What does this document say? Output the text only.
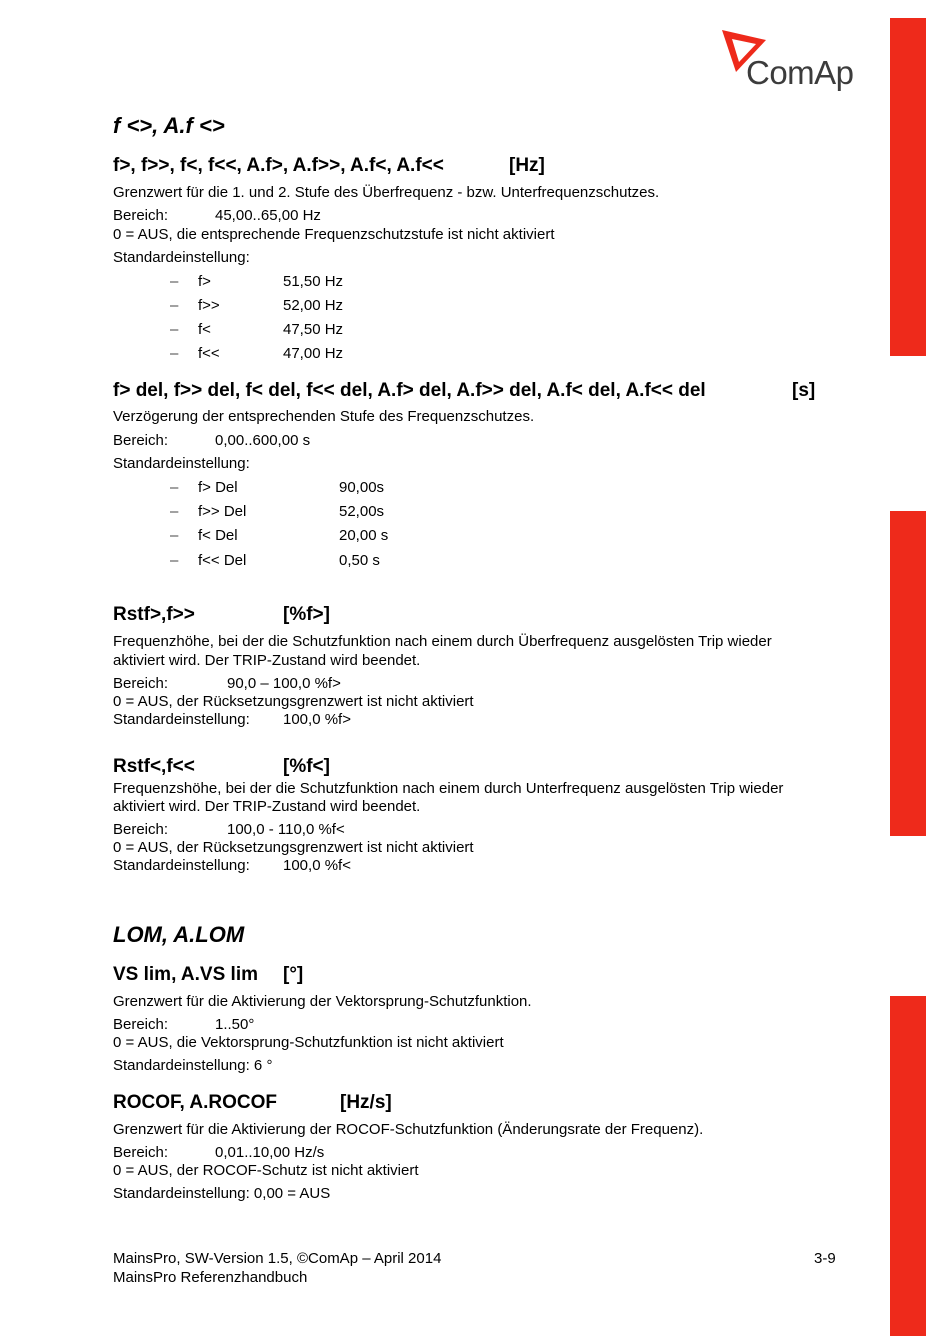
ComAp
f <>, A.f <>
f>, f>>, f<, f<<, A.f>, A.f>>, A.f<, A.f<<	[Hz]
Grenzwert für die 1. und 2. Stufe des Überfrequenz - bzw. Unterfrequenzschutzes.
Bereich:	45,00..65,00 Hz
0 = AUS, die entsprechende Frequenzschutzstufe ist nicht aktiviert
Standardeinstellung:
– f>	51,50 Hz
– f>>	52,00 Hz
– f<	47,50 Hz
– f<<	47,00 Hz
f> del, f>> del, f< del, f<< del, A.f> del, A.f>> del, A.f< del, A.f<< del	[s]
Verzögerung der entsprechenden Stufe des Frequenzschutzes.
Bereich:	0,00..600,00 s
Standardeinstellung:
– f> Del	90,00s
– f>> Del	52,00s
– f< Del	20,00 s
– f<< Del	0,50 s
Rstf>,f>>	[%f>]
Frequenzhöhe, bei der die Schutzfunktion nach einem durch Überfrequenz ausgelösten Trip wieder
aktiviert wird. Der TRIP-Zustand wird beendet.
Bereich:	90,0 – 100,0 %f>
0 = AUS, der Rücksetzungsgrenzwert ist nicht aktiviert
Standardeinstellung: 100,0 %f>
Rstf<,f<<	[%f<]
Frequenzshöhe, bei der die Schutzfunktion nach einem durch Unterfrequenz ausgelösten Trip wieder
aktiviert wird. Der TRIP-Zustand wird beendet.
Bereich:	100,0 - 110,0 %f<
0 = AUS, der Rücksetzungsgrenzwert ist nicht aktiviert
Standardeinstellung: 100,0 %f<
LOM, A.LOM
VS lim, A.VS lim [°]
Grenzwert für die Aktivierung der Vektorsprung-Schutzfunktion.
Bereich:	1..50°
0 = AUS, die Vektorsprung-Schutzfunktion ist nicht aktiviert
Standardeinstellung: 6 °
ROCOF, A.ROCOF	[Hz/s]
Grenzwert für die Aktivierung der ROCOF-Schutzfunktion (Änderungsrate der Frequenz).
Bereich:	0,01..10,00 Hz/s
0 = AUS, der ROCOF-Schutz ist nicht aktiviert
Standardeinstellung: 0,00 = AUS
MainsPro, SW-Version 1.5, ©ComAp – April 2014
MainsPro Referenzhandbuch
3-9
